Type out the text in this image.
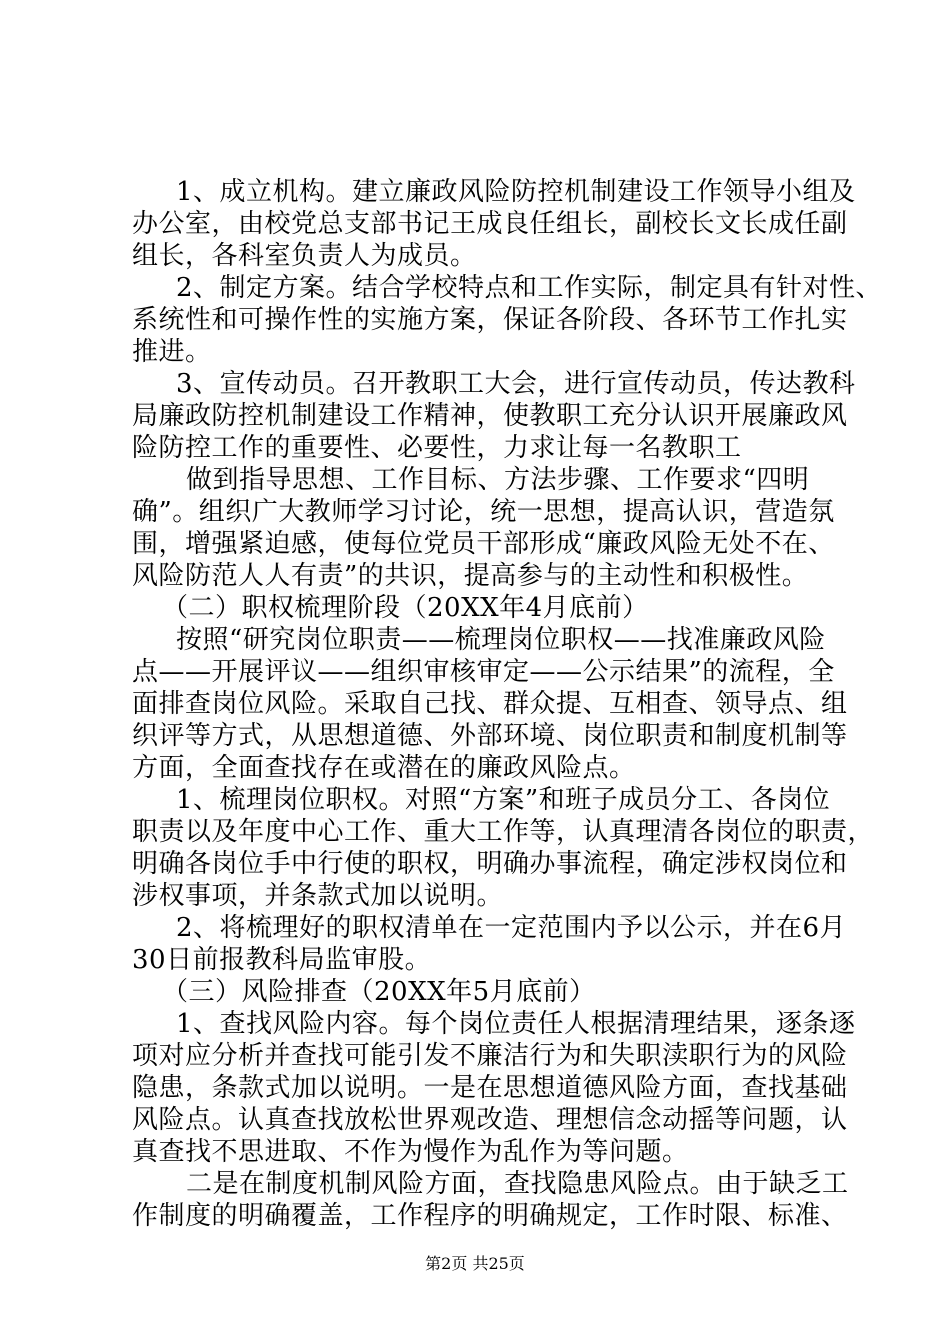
1、成立机构。建立廉政风险防控机制建设工作领导小组及
办公室，由校党总支部书记王成良任组长，副校长文长成任副
组长，各科室负责人为成员。
2、制定方案。结合学校特点和工作实际，制定具有针对性、
系统性和可操作性的实施方案，保证各阶段、各环节工作扎实
推进。
3、宣传动员。召开教职工大会，进行宣传动员，传达教科
局廉政防控机制建设工作精神，使教职工充分认识开展廉政风
险防控工作的重要性、必要性，力求让每一名教职工
做到指导思想、工作目标、方法步骤、工作要求“四明
确”。组织广大教师学习讨论，统一思想，提高认识，营造氛
围，增强紧迫感，使每位党员干部形成“廉政风险无处不在、
风险防范人人有责”的共识，提高参与的主动性和积极性。
（二）职权梳理阶段（20XX年4月底前）
按照“研究岗位职责——梳理岗位职权——找准廉政风险
点——开展评议——组织审核审定——公示结果”的流程，全
面排查岗位风险。采取自己找、群众提、互相查、领导点、组
织评等方式，从思想道德、外部环境、岗位职责和制度机制等
方面，全面查找存在或潜在的廉政风险点。
1、梳理岗位职权。对照“方案”和班子成员分工、各岗位
职责以及年度中心工作、重大工作等，认真理清各岗位的职责，
明确各岗位手中行使的职权，明确办事流程，确定涉权岗位和
涉权事项，并条款式加以说明。
2、将梳理好的职权清单在一定范围内予以公示，并在6月
30日前报教科局监审股。
（三）风险排查（20XX年5月底前）
1、查找风险内容。每个岗位责任人根据清理结果，逐条逐
项对应分析并查找可能引发不廉洁行为和失职渎职行为的风险
隐患，条款式加以说明。一是在思想道德风险方面，查找基础
风险点。认真查找放松世界观改造、理想信念动摇等问题，认
真查找不思进取、不作为慢作为乱作为等问题。
二是在制度机制风险方面，查找隐患风险点。由于缺乏工
作制度的明确覆盖，工作程序的明确规定，工作时限、标准、
第2页 共25页
